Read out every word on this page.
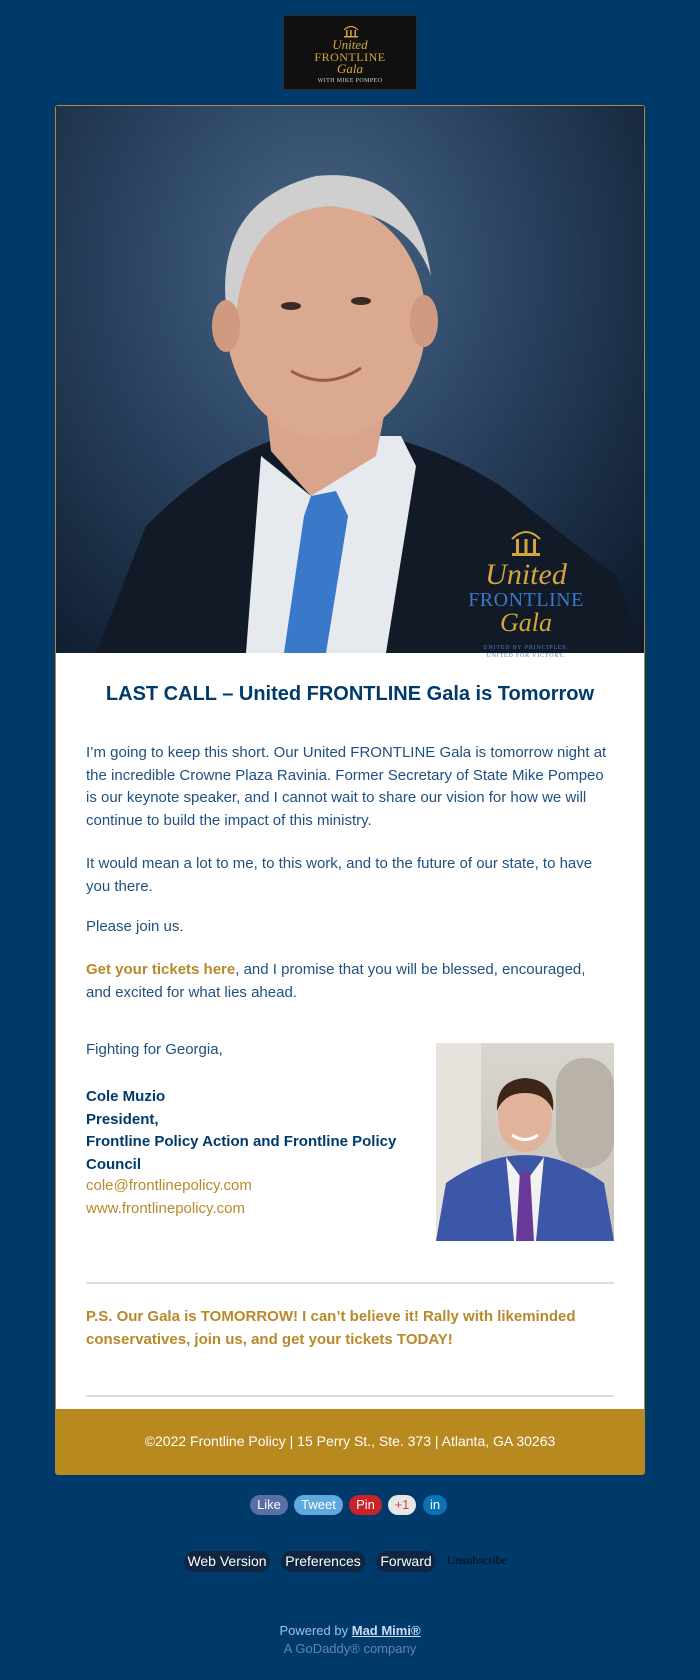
United
FRONTLINE
Gala
WITH MIKE POMPEO
United
FRONTLINE
Gala
UNITED BY PRINCIPLES.
UNITED FOR VICTORY.
LAST CALL – United FRONTLINE Gala is Tomorrow

I’m going to keep this short. Our United FRONTLINE Gala is tomorrow night at the incredible Crowne Plaza Ravinia. Former Secretary of State Mike Pompeo is our keynote speaker, and I cannot wait to share our vision for how we will continue to build the impact of this ministry.

It would mean a lot to me, to this work, and to the future of our state, to have you there.

Please join us.

Get your tickets here, and I promise that you will be blessed, encouraged, and excited for what lies ahead.

Fighting for Georgia,
Cole Muzio
President,
Frontline Policy Action and Frontline Policy Council
cole@frontlinepolicy.com
www.frontlinepolicy.com
P.S. Our Gala is TOMORROW! I can’t believe it! Rally with likeminded conservatives, join us, and get your tickets TODAY!
©2022 Frontline Policy | 15 Perry St., Ste. 373 | Atlanta, GA 30263
Like	Tweet	Pin	+1	in
Web Version	Preferences	Forward	Unsubscribe
Powered by Mad Mimi®
A GoDaddy® company
